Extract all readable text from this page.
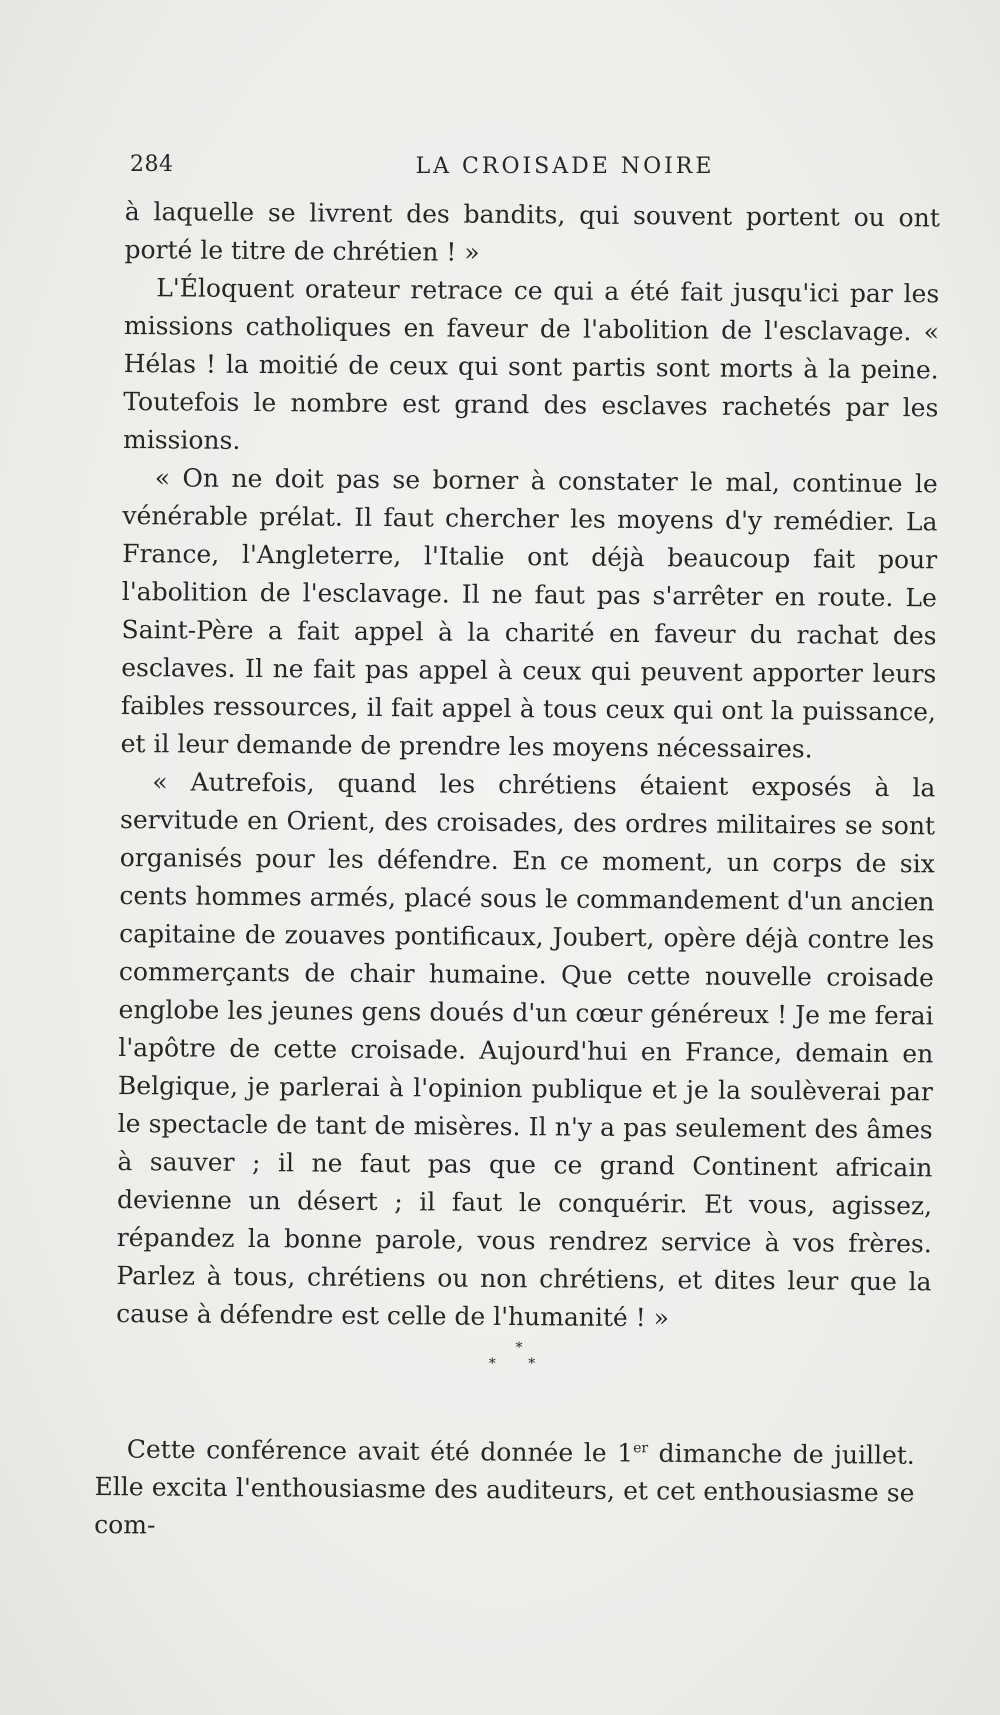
284	LA CROISADE NOIRE

à laquelle se livrent des bandits, qui souvent portent ou ont porté le titre de chrétien ! »

L'Éloquent orateur retrace ce qui a été fait jusqu'ici par les missions catholiques en faveur de l'abolition de l'esclavage. « Hélas ! la moitié de ceux qui sont partis sont morts à la peine. Toutefois le nombre est grand des esclaves rachetés par les missions.

« On ne doit pas se borner à constater le mal, continue le vénérable prélat. Il faut chercher les moyens d'y remédier. La France, l'Angleterre, l'Italie ont déjà beaucoup fait pour l'abolition de l'esclavage. Il ne faut pas s'arrêter en route. Le Saint-Père a fait appel à la charité en faveur du rachat des esclaves. Il ne fait pas appel à ceux qui peuvent apporter leurs faibles ressources, il fait appel à tous ceux qui ont la puissance, et il leur demande de prendre les moyens nécessaires.

« Autrefois, quand les chrétiens étaient exposés à la servitude en Orient, des croisades, des ordres militaires se sont organisés pour les défendre. En ce moment, un corps de six cents hommes armés, placé sous le commandement d'un ancien capitaine de zouaves pontificaux, Joubert, opère déjà contre les commerçants de chair humaine. Que cette nouvelle croisade englobe les jeunes gens doués d'un cœur généreux ! Je me ferai l'apôtre de cette croisade. Aujourd'hui en France, demain en Belgique, je parlerai à l'opinion publique et je la soulèverai par le spectacle de tant de misères. Il n'y a pas seulement des âmes à sauver ; il ne faut pas que ce grand Continent africain devienne un désert ; il faut le conquérir. Et vous, agissez, répandez la bonne parole, vous rendrez service à vos frères. Parlez à tous, chrétiens ou non chrétiens, et dites leur que la cause à défendre est celle de l'humanité ! »

*
* *

Cette conférence avait été donnée le 1er dimanche de juillet. Elle excita l'enthousiasme des auditeurs, et cet enthousiasme se com-
